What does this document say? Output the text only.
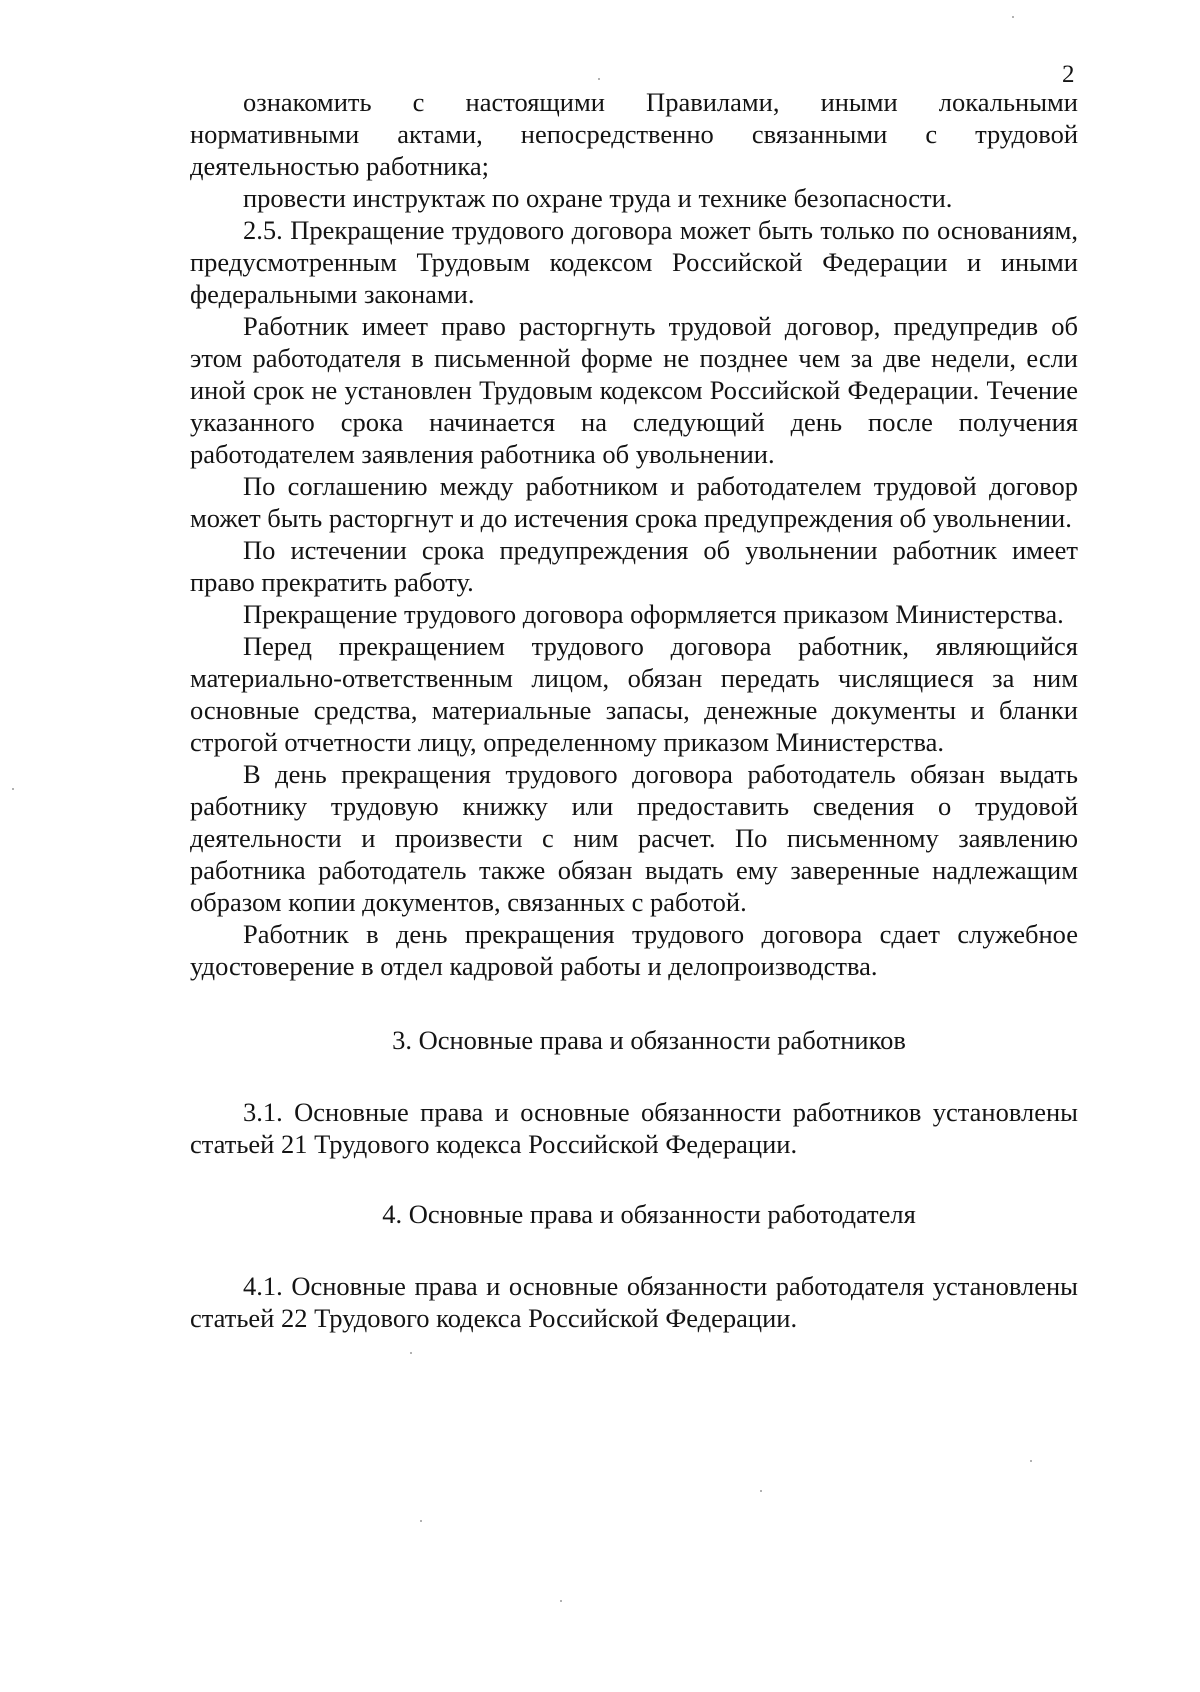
2

ознакомить с настоящими Правилами, иными локальными нормативными актами, непосредственно связанными с трудовой деятельностью работника;

провести инструктаж по охране труда и технике безопасности.

2.5. Прекращение трудового договора может быть только по основаниям, предусмотренным Трудовым кодексом Российской Федерации и иными федеральными законами.

Работник имеет право расторгнуть трудовой договор, предупредив об этом работодателя в письменной форме не позднее чем за две недели, если иной срок не установлен Трудовым кодексом Российской Федерации. Течение указанного срока начинается на следующий день после получения работодателем заявления работника об увольнении.

По соглашению между работником и работодателем трудовой договор может быть расторгнут и до истечения срока предупреждения об увольнении.

По истечении срока предупреждения об увольнении работник имеет право прекратить работу.

Прекращение трудового договора оформляется приказом Министерства.

Перед прекращением трудового договора работник, являющийся материально-ответственным лицом, обязан передать числящиеся за ним основные средства, материальные запасы, денежные документы и бланки строгой отчетности лицу, определенному приказом Министерства.

В день прекращения трудового договора работодатель обязан выдать работнику трудовую книжку или предоставить сведения о трудовой деятельности и произвести с ним расчет. По письменному заявлению работника работодатель также обязан выдать ему заверенные надлежащим образом копии документов, связанных с работой.

Работник в день прекращения трудового договора сдает служебное удостоверение в отдел кадровой работы и делопроизводства.

3. Основные права и обязанности работников

3.1. Основные права и основные обязанности работников установлены статьей 21 Трудового кодекса Российской Федерации.

4. Основные права и обязанности работодателя

4.1. Основные права и основные обязанности работодателя установлены статьей 22 Трудового кодекса Российской Федерации.
